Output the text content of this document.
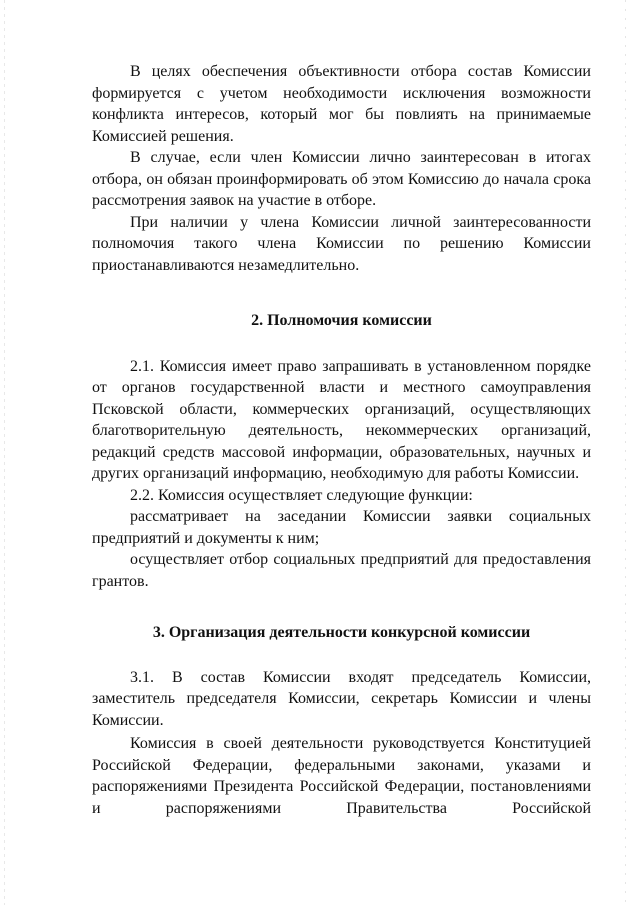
В целях обеспечения объективности отбора состав Комиссии формируется с учетом необходимости исключения возможности конфликта интересов, который мог бы повлиять на принимаемые Комиссией решения.

В случае, если член Комиссии лично заинтересован в итогах отбора, он обязан проинформировать об этом Комиссию до начала срока рассмотрения заявок на участие в отборе.

При наличии у члена Комиссии личной заинтересованности полномочия такого члена Комиссии по решению Комиссии приостанавливаются незамедлительно.

2. Полномочия комиссии

2.1. Комиссия имеет право запрашивать в установленном порядке от органов государственной власти и местного самоуправления Псковской области, коммерческих организаций, осуществляющих благотворительную деятельность, некоммерческих организаций, редакций средств массовой информации, образовательных, научных и других организаций информацию, необходимую для работы Комиссии.

2.2. Комиссия осуществляет следующие функции:

рассматривает на заседании Комиссии заявки социальных предприятий и документы к ним;

осуществляет отбор социальных предприятий для предоставления грантов.

3. Организация деятельности конкурсной комиссии

3.1. В состав Комиссии входят председатель Комиссии, заместитель председателя Комиссии, секретарь Комиссии и члены Комиссии.

Комиссия в своей деятельности руководствуется Конституцией Российской Федерации, федеральными законами, указами и распоряжениями Президента Российской Федерации, постановлениями и распоряжениями Правительства Российской
